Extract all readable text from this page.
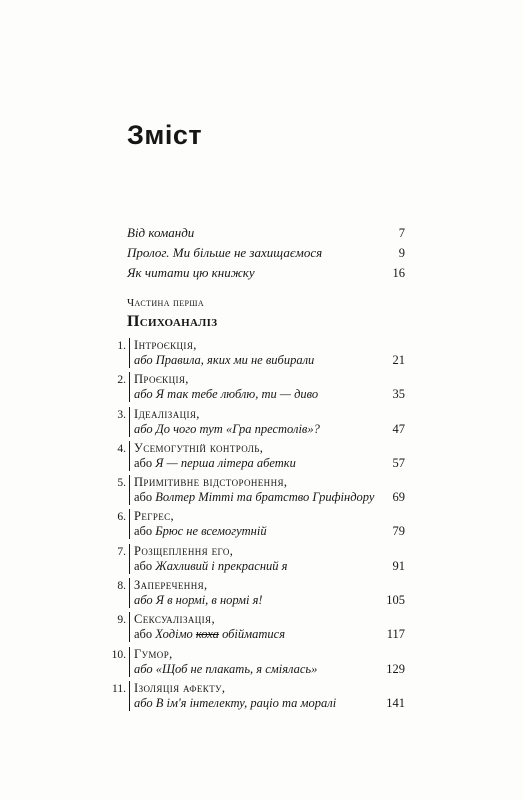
Зміст
Від команди	7
Пролог. Ми більше не захищаємося	9
Як читати цю книжку	16
Частина перша
Психоаналіз
1. Інтроєкція,
або Правила, яких ми не вибирали	21
2. Проєкція,
або Я так тебе люблю, ти — диво	35
3. Ідеалізація,
або До чого тут «Гра престолів»?	47
4. Усемогутній контроль,
або Я — перша літера абетки	57
5. Примітивне відсторонення,
або Волтер Мітті та братство Грифіндору 69
6. Регрес,
або Брюс не всемогутній	79
7. Розщеплення его,
або Жахливий і прекрасний я	91
8. Заперечення,
або Я в нормі, в нормі я!	105
9. Сексуалізація,
або Ходімо коха обійматися	117
10. Гумор,
або «Щоб не плакать, я сміялась»	129
11. Ізоляція афекту,
або В ім'я інтелекту, раціо та моралі	141
